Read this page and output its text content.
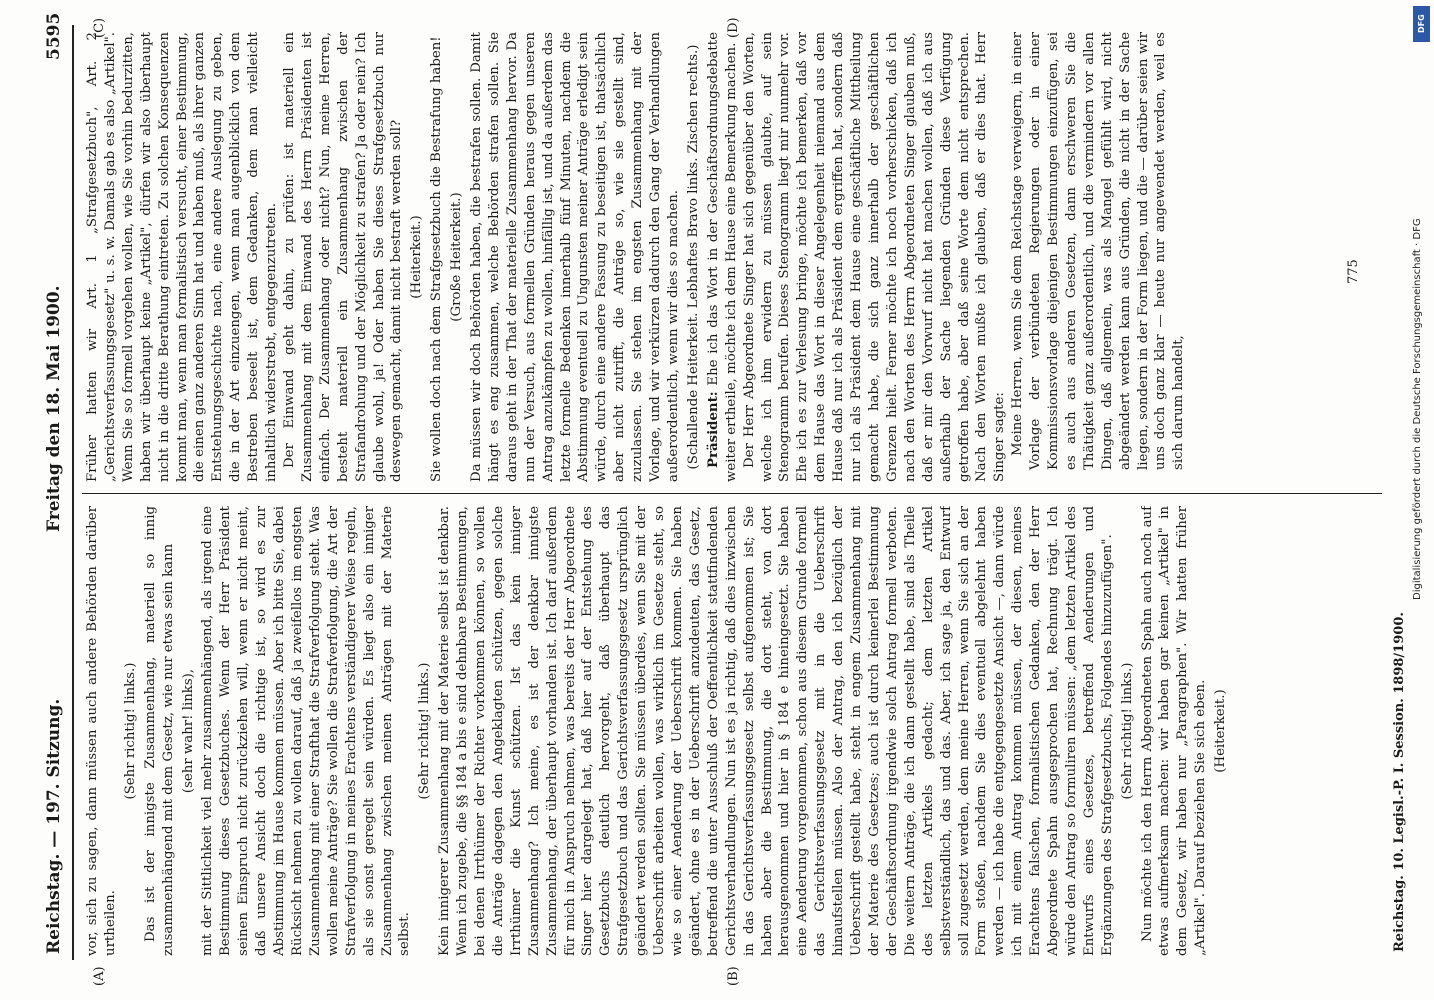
Reichstag. — 197. Sitzung.
Freitag den 18. Mai 1900.
5595
(A)	(B)
(C)	(D)

vor, sich zu sagen, dann müssen auch andere Behörden darüber urtheilen.

(Sehr richtig! links.) Das ist der innigste Zusammenhang, materiell so innig zusammenhängend mit dem Gesetz, wie nur etwas sein kann (sehr wahr! links), mit der Sittlichkeit viel mehr zusammenhängend, als irgend eine Bestimmung dieses Gesetzbuches. Wenn der Herr Präsident seinen Einspruch nicht zurückziehen will, wenn er nicht meint, daß unsere Ansicht doch die richtige ist, so wird es zur Abstimmung im Hause kommen müssen. Aber ich bitte Sie, dabei Rücksicht nehmen zu wollen darauf, daß ja zweifellos im engsten Zusammenhang mit einer Strafthat die Strafverfolgung steht. Was wollen meine Anträge? Sie wollen die Strafverfolgung, die Art der Strafverfolgung in meines Erachtens verständigerer Weise regeln, als sie sonst geregelt sein würden. Es liegt also ein inniger Zusammenhang zwischen meinen Anträgen mit der Materie selbst.

(Sehr richtig! links.) Kein innigerer Zusammenhang mit der Materie selbst ist denkbar. Wenn ich zugebe, die §§ 184 a bis e sind dehnbare Bestimmungen, bei denen Irrthümer der Richter vorkommen können, so wollen die Anträge dagegen den Angeklagten schützen, gegen solche Irrthümer die Kunst schützen. Ist das kein inniger Zusammenhang? Ich meine, es ist der denkbar innigste Zusammenhang, der überhaupt vorhanden ist. Ich darf außerdem für mich in Anspruch nehmen, was bereits der Herr Abgeordnete Singer hier dargelegt hat, daß hier auf der Entstehung des Gesetzbuchs deutlich hervorgeht, daß überhaupt das Strafgesetzbuch und das Gerichtsverfassungsgesetz ursprünglich geändert werden sollten. Sie müssen überdies, wenn Sie mit der Ueberschrift arbeiten wollen, was wirklich im Gesetze steht, so wie so einer Aenderung der Ueberschrift kommen. Sie haben geändert, ohne es in der Ueberschrift anzudeuten, das Gesetz, betreffend die unter Ausschluß der Oeffentlichkeit stattfindenden Gerichtsverhandlungen. Nun ist es ja richtig, daß dies inzwischen in das Gerichtsverfassungsgesetz selbst aufgenommen ist; Sie haben aber die Bestimmung, die dort steht, von dort herausgenommen und hier in § 184 e hineingesetzt. Sie haben eine Aenderung vorgenommen, schon aus diesem Grunde formell das Gerichtsverfassungsgesetz mit in die Ueberschrift hinaufstellen müssen. Also der Antrag, den ich bezüglich der Ueberschrift gestellt habe, steht in engem Zusammenhang mit der Materie des Gesetzes; auch ist durch keinerlei Bestimmung der Geschäftsordnung irgendwie solch Antrag formell verboten. Die weitern Anträge, die ich dann gestellt habe, sind als Theile des letzten Artikels gedacht; dem letzten Artikel selbstverständlich, das und das. Aber, ich sage ja, den Entwurf soll zugesetzt werden, dem meine Herren, wenn Sie sich an der Form stoßen, nachdem Sie dies eventuell abgelehnt haben werden — ich habe die entgegengesetzte Ansicht —, dann würde ich mit einem Antrag kommen müssen, der diesen, meines Erachtens falschen, formalistischen Gedanken, den der Herr Abgeordnete Spahn ausgesprochen hat, Rechnung trägt. Ich würde den Antrag so formuliren müssen: „dem letzten Artikel des Entwurfs eines Gesetzes, betreffend Aenderungen und Ergänzungen des Strafgesetzbuchs, Folgendes hinzuzufügen". (Sehr richtig! links.) Nun möchte ich den Herrn Abgeordneten Spahn auch noch auf etwas aufmerksam machen: wir haben gar keinen „Artikel" in dem Gesetz, wir haben nur „Paragraphen". Wir hatten früher „Artikel". Darauf beziehen Sie sich eben. (Heiterkeit.)

Früher hatten wir Art. 1 „Strafgesetzbuch", Art. 2 „Gerichtsverfassungsgesetz" u. s. w. Damals gab es also „Artikel". Wenn Sie so formell vorgehen wollen, wie Sie vorhin bedurzitten, haben wir überhaupt keine „Artikel", dürfen wir also überhaupt nicht in die dritte Berathung eintreten. Zu solchen Konsequenzen kommt man, wenn man formalistisch versucht, einer Bestimmung, die einen ganz anderen Sinn hat und haben muß, als ihrer ganzen Entstehungsgeschichte nach, eine andere Auslegung zu geben, die in der Art einzuengen, wenn man augenblicklich von dem Bestreben beseelt ist, dem Gedanken, dem man vielleicht inhaltlich widerstrebt, entgegenzutreten. Der Einwand geht dahin, zu prüfen: ist materiell ein Zusammenhang mit dem Einwand des Herrn Präsidenten ist einfach. Der Zusammenhang oder nicht? Nun, meine Herren, besteht materiell ein Zusammenhang zwischen der Strafandrohung und der Möglichkeit zu strafen? Ja oder nein? Ich glaube wohl, ja! Oder haben Sie dieses Strafgesetzbuch nur deswegen gemacht, damit nicht bestraft werden soll? (Heiterkeit.) Sie wollen doch nach dem Strafgesetzbuch die Bestrafung haben! (Große Heiterkeit.) Da müssen wir doch Behörden haben, die bestrafen sollen. Damit hängt es eng zusammen, welche Behörden strafen sollen. Sie daraus geht in der That der materielle Zusammenhang hervor. Da nun der Versuch, aus formellen Gründen heraus gegen unseren Antrag anzukämpfen zu wollen, hinfällig ist, und da außerdem das letzte formelle Bedenken innerhalb fünf Minuten, nachdem die Abstimmung eventuell zu Ungunsten meiner Anträge erledigt sein würde, durch eine andere Fassung zu beseitigen ist, thatsächlich aber nicht zutrifft, die Anträge so, wie sie gestellt sind, zuzulassen. Sie stehen im engsten Zusammenhang mit der Vorlage, und wir verkürzen dadurch den Gang der Verhandlungen außerordentlich, wenn wir dies so machen. (Schallende Heiterkeit. Lebhaftes Bravo links. Zischen rechts.) Präsident: Ehe ich das Wort in der Geschäftsordnungsdebatte weiter ertheile, möchte ich dem Hause eine Bemerkung machen. Der Herr Abgeordnete Singer hat sich gegenüber den Worten, welche ich ihm erwidern zu müssen glaubte, auf sein Stenogramm berufen. Dieses Stenogramm liegt mir nunmehr vor. Ehe ich es zur Verlesung bringe, möchte ich bemerken, daß vor dem Hause das Wort in dieser Angelegenheit niemand aus dem Hause daß nur ich als Präsident dem ergriffen hat, sondern daß nur ich als Präsident dem Hause eine geschäftliche Mittheilung gemacht habe, die sich ganz innerhalb der geschäftlichen Grenzen hielt. Ferner möchte ich noch vorherschicken, daß ich nach den Worten des Herrn Abgeordneten Singer glauben muß, daß er mir den Vorwurf nicht hat machen wollen, daß ich aus außerhalb der Sache liegenden Gründen diese Verfügung getroffen habe, aber daß seine Worte dem nicht entsprechen. Nach den Worten mußte ich glauben, daß er dies that. Herr Singer sagte: Meine Herren, wenn Sie dem Reichstage verweigern, in einer Vorlage der verbündeten Regierungen oder in einer Kommissionsvorlage diejenigen Bestimmungen einzufügen, sei es auch aus anderen Gesetzen, dann erschweren Sie die Thätigkeit ganz außerordentlich, und die vermindern vor allen Dingen, daß allgemein, was als Mangel gefühlt wird, nicht abgeändert werden kann aus Gründen, die nicht in der Sache liegen, sondern in der Form liegen, und die — darüber seien wir uns doch ganz klar — heute nur angewendet werden, weil es sich darum handelt,

Reichstag. 10. Legisl.-P. I. Session. 1898/1900.
775
DFG
Digitalisierung gefördert durch die Deutsche Forschungsgemeinschaft · DFG
